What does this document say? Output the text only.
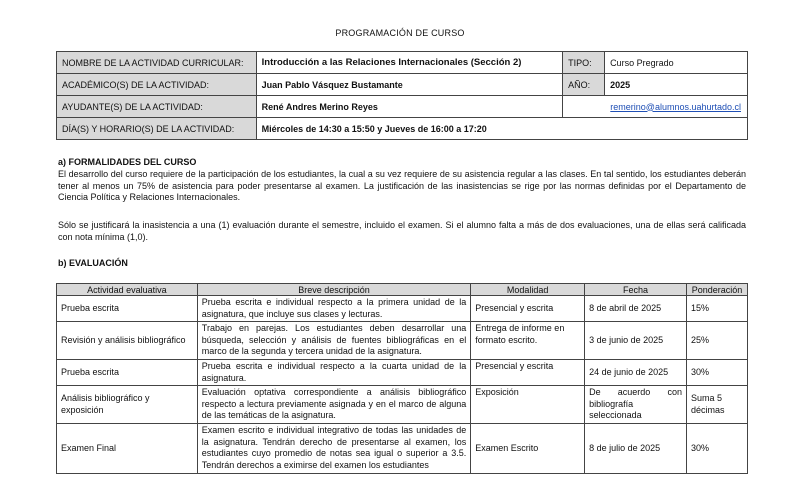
PROGRAMACIÓN DE CURSO
NOMBRE DE LA ACTIVIDAD CURRICULAR:	Introducción a las Relaciones Internacionales (Sección 2)	TIPO:	Curso Pregrado
ACADÉMICO(S) DE LA ACTIVIDAD:	Juan Pablo Vásquez Bustamante	AÑO:	2025
AYUDANTE(S) DE LA ACTIVIDAD:	René Andres Merino Reyes	remerino@alumnos.uahurtado.cl	
DÍA(S) Y HORARIO(S) DE LA ACTIVIDAD:	Miércoles de 14:30 a 15:50 y Jueves de 16:00 a 17:20		
a) FORMALIDADES DEL CURSO
El desarrollo del curso requiere de la participación de los estudiantes, la cual a su vez requiere de su asistencia regular a las clases. En tal sentido, los estudiantes deberán tener al menos un 75% de asistencia para poder presentarse al examen. La justificación de las inasistencias se rige por las normas definidas por el Departamento de Ciencia Política y Relaciones Internacionales.
Sólo se justificará la inasistencia a una (1) evaluación durante el semestre, incluido el examen. Si el alumno falta a más de dos evaluaciones, una de ellas será calificada con nota mínima (1,0).
b) EVALUACIÓN
Actividad evaluativa	Breve descripción	Modalidad	Fecha	Ponderación
Prueba escrita	Prueba escrita e individual respecto a la primera unidad de la asignatura, que incluye sus clases y lecturas.	Presencial y escrita	8 de abril de 2025	15%
Revisión y análisis bibliográfico	Trabajo en parejas. Los estudiantes deben desarrollar una búsqueda, selección y análisis de fuentes bibliográficas en el marco de la segunda y tercera unidad de la asignatura.	Entrega de informe en formato escrito.	3 de junio de 2025	25%
Prueba escrita	Prueba escrita e individual respecto a la cuarta unidad de la asignatura.	Presencial y escrita	24 de junio de 2025	30%
Análisis bibliográfico y exposición	Evaluación optativa correspondiente a análisis bibliográfico respecto a lectura previamente asignada y en el marco de alguna de las temáticas de la asignatura.	Exposición	De acuerdo con bibliografía seleccionada	Suma 5 décimas
Examen Final	Examen escrito e individual integrativo de todas las unidades de la asignatura. Tendrán derecho de presentarse al examen, los estudiantes cuyo promedio de notas sea igual o superior a 3.5. Tendrán derechos a eximirse del examen los estudiantes	Examen Escrito	8 de julio de 2025	30%
